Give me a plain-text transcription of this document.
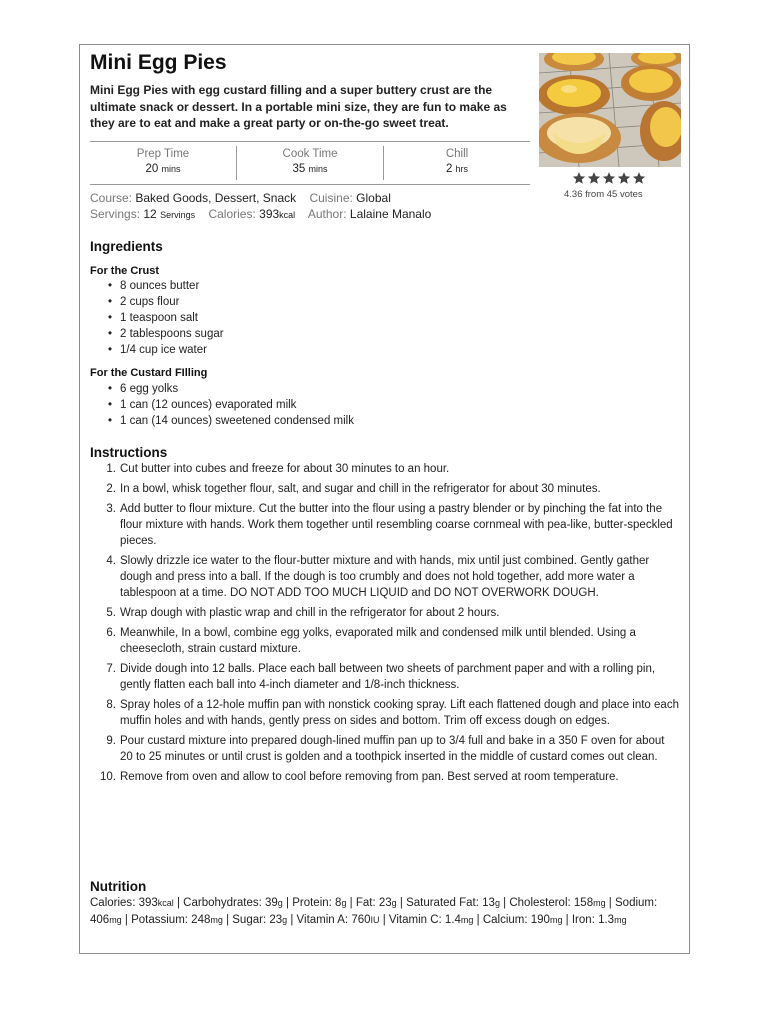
Mini Egg Pies
Mini Egg Pies with egg custard filling and a super buttery crust are the ultimate snack or dessert. In a portable mini size, they are fun to make as they are to eat and make a great party or on-the-go sweet treat.
4.36 from 45 votes
Prep Time
20 mins
Cook Time
35 mins
Chill
2 hrs
Course: Baked Goods, Dessert, Snack Cuisine: Global
Servings: 12 Servings Calories: 393kcal Author: Lalaine Manalo
Ingredients
For the Crust
• 8 ounces butter
• 2 cups flour
• 1 teaspoon salt
• 2 tablespoons sugar
• 1/4 cup ice water
For the Custard FIlling
• 6 egg yolks
• 1 can (12 ounces) evaporated milk
• 1 can (14 ounces) sweetened condensed milk
Instructions
1. Cut butter into cubes and freeze for about 30 minutes to an hour.
2. In a bowl, whisk together flour, salt, and sugar and chill in the refrigerator for about 30 minutes.
3. Add butter to flour mixture. Cut the butter into the flour using a pastry blender or by pinching the fat into the flour mixture with hands. Work them together until resembling coarse cornmeal with pea-like, butter-speckled pieces.
4. Slowly drizzle ice water to the flour-butter mixture and with hands, mix until just combined. Gently gather dough and press into a ball. If the dough is too crumbly and does not hold together, add more water a tablespoon at a time. DO NOT ADD TOO MUCH LIQUID and DO NOT OVERWORK DOUGH.
5. Wrap dough with plastic wrap and chill in the refrigerator for about 2 hours.
6. Meanwhile, In a bowl, combine egg yolks, evaporated milk and condensed milk until blended. Using a cheesecloth, strain custard mixture.
7. Divide dough into 12 balls. Place each ball between two sheets of parchment paper and with a rolling pin, gently flatten each ball into 4-inch diameter and 1/8-inch thickness.
8. Spray holes of a 12-hole muffin pan with nonstick cooking spray. Lift each flattened dough and place into each muffin holes and with hands, gently press on sides and bottom. Trim off excess dough on edges.
9. Pour custard mixture into prepared dough-lined muffin pan up to 3/4 full and bake in a 350 F oven for about 20 to 25 minutes or until crust is golden and a toothpick inserted in the middle of custard comes out clean.
10. Remove from oven and allow to cool before removing from pan. Best served at room temperature.
Nutrition
Calories: 393kcal | Carbohydrates: 39g | Protein: 8g | Fat: 23g | Saturated Fat: 13g | Cholesterol: 158mg | Sodium: 406mg | Potassium: 248mg | Sugar: 23g | Vitamin A: 760IU | Vitamin C: 1.4mg | Calcium: 190mg | Iron: 1.3mg
